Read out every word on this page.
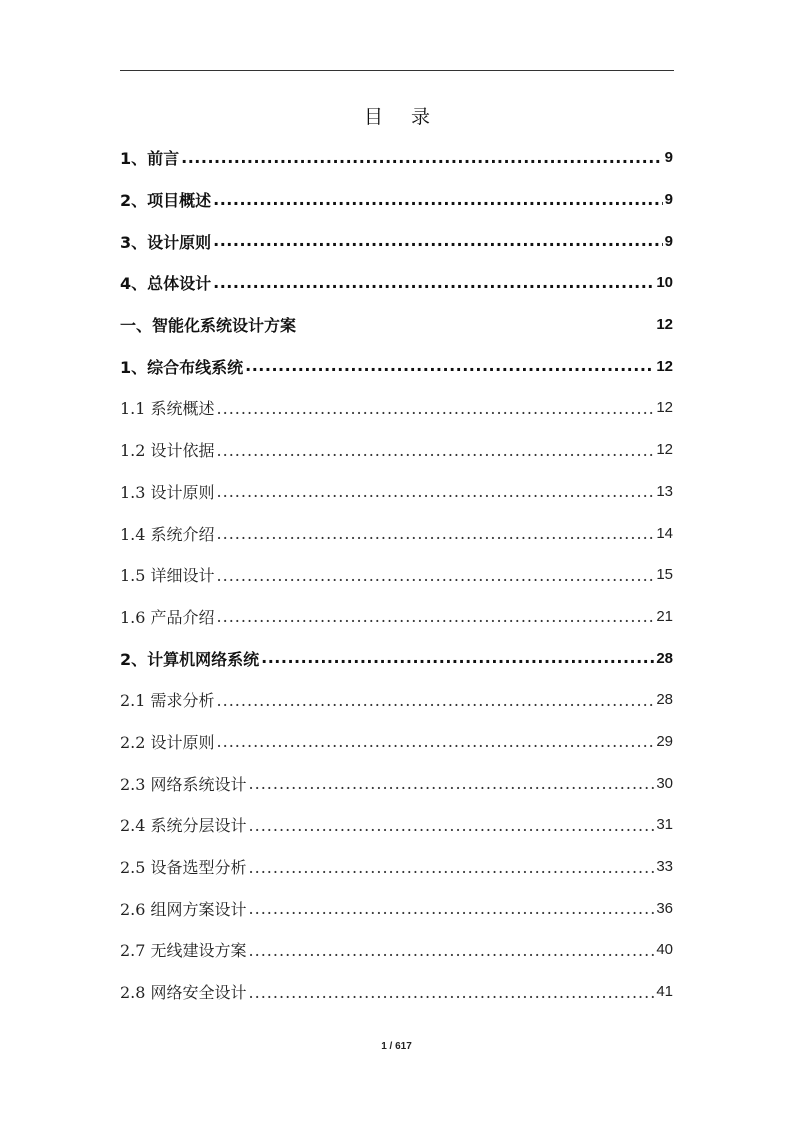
目 录
1、前言 .....	9
2、项目概述 .....	9
3、设计原则 .....	9
4、总体设计 .....	10
一、智能化系统设计方案 .....	12
1、综合布线系统 .....	12
1.1 系统概述 .....	12
1.2 设计依据 .....	12
1.3 设计原则 .....	13
1.4 系统介绍 .....	14
1.5 详细设计 .....	15
1.6 产品介绍 .....	21
2、计算机网络系统 .....	28
2.1 需求分析 .....	28
2.2 设计原则 .....	29
2.3 网络系统设计 .....	30
2.4 系统分层设计 .....	31
2.5 设备选型分析 .....	33
2.6 组网方案设计 .....	36
2.7 无线建设方案 .....	40
2.8 网络安全设计 .....	41
1 / 617
